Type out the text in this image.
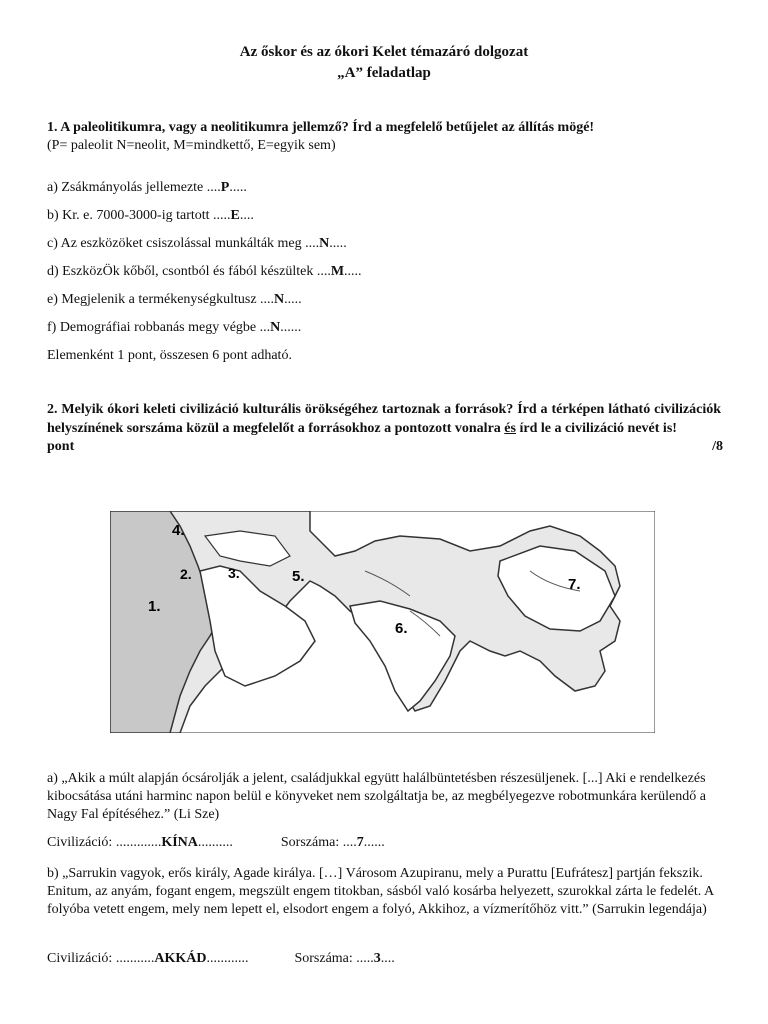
Az őskor és az ókori Kelet témazáró dolgozat
„A” feladatlap
1. A paleolitikumra, vagy a neolitikumra jellemző? Írd a megfelelő betűjelet az állítás mögé!
(P= paleolit N=neolit, M=mindkettő, E=egyik sem)
a) Zsákmányolás jellemezte ....P.....
b) Kr. e. 7000-3000-ig tartott .....E....
c) Az eszközöket csiszolással munkálták meg ....N.....
d) EszközÖk kőből, csontból és fából készültek ....M.....
e) Megjelenik a termékenységkultusz ....N.....
f) Demográfiai robbanás megy végbe ...N......
Elemenként 1 pont, összesen 6 pont adható.
2. Melyik ókori keleti civilizáció kulturális örökségéhez tartoznak a források? Írd a térképen látható civilizációk helyszínének sorszáma közül a megfelelőt a forrásokhoz a pontozott vonalra és írd le a civilizáció nevét is!
/8
pont
1.
2.	3.
4.
5.
6.
7.
a) „Akik a múlt alapján ócsárolják a jelent, családjukkal együtt halálbüntetésben részesüljenek. [...] Aki e rendelkezés kibocsátása utáni harminc napon belül e könyveket nem szolgáltatja be, az megbélyegezve robotmunkára kerülendő a Nagy Fal építéséhez.” (Li Sze)
Civilizáció: .............KÍNA..........	Sorszáma: ....7......
b) „Sarrukin vagyok, erős király, Agade királya. […] Városom Azupiranu, mely a Purattu [Eufrátesz] partján fekszik. Enitum, az anyám, fogant engem, megszült engem titokban, sásból való kosárba helyezett, szurokkal zárta le fedelét. A folyóba vetett engem, mely nem lepett el, elsodort engem a folyó, Akkihoz, a vízmerítőhöz vitt.” (Sarrukin legendája)
Civilizáció: ...........AKKÁD............	Sorszáma: .....3....
